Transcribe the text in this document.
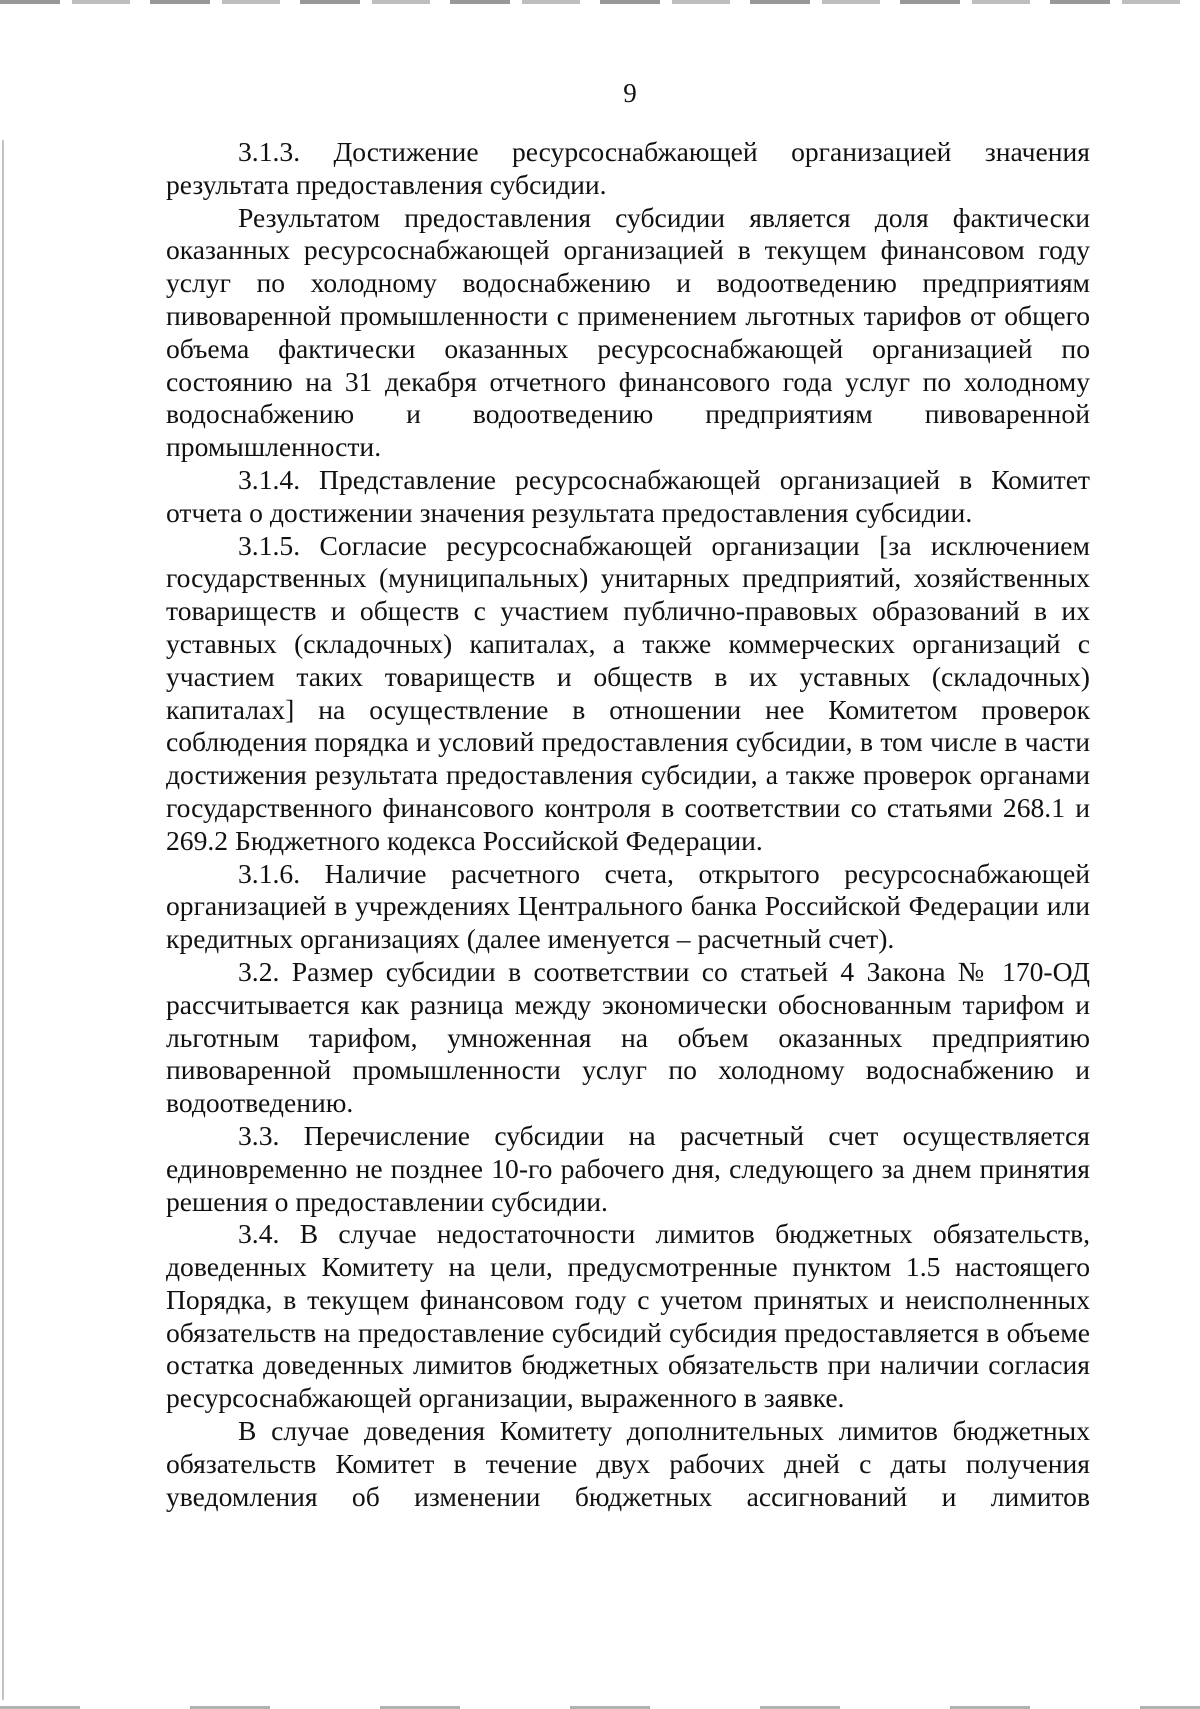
9

3.1.3. Достижение ресурсоснабжающей организацией значения результата предоставления субсидии.

Результатом предоставления субсидии является доля фактически оказанных ресурсоснабжающей организацией в текущем финансовом году услуг по холодному водоснабжению и водоотведению предприятиям пивоваренной промышленности с применением льготных тарифов от общего объема фактически оказанных ресурсоснабжающей организацией по состоянию на 31 декабря отчетного финансового года услуг по холодному водоснабжению и водоотведению предприятиям пивоваренной промышленности.

3.1.4. Представление ресурсоснабжающей организацией в Комитет отчета о достижении значения результата предоставления субсидии.

3.1.5. Согласие ресурсоснабжающей организации [за исключением государственных (муниципальных) унитарных предприятий, хозяйственных товариществ и обществ с участием публично-правовых образований в их уставных (складочных) капиталах, а также коммерческих организаций с участием таких товариществ и обществ в их уставных (складочных) капиталах] на осуществление в отношении нее Комитетом проверок соблюдения порядка и условий предоставления субсидии, в том числе в части достижения результата предоставления субсидии, а также проверок органами государственного финансового контроля в соответствии со статьями 268.1 и 269.2 Бюджетного кодекса Российской Федерации.

3.1.6. Наличие расчетного счета, открытого ресурсоснабжающей организацией в учреждениях Центрального банка Российской Федерации или кредитных организациях (далее именуется – расчетный счет).

3.2. Размер субсидии в соответствии со статьей 4 Закона № 170-ОД рассчитывается как разница между экономически обоснованным тарифом и льготным тарифом, умноженная на объем оказанных предприятию пивоваренной промышленности услуг по холодному водоснабжению и водоотведению.

3.3. Перечисление субсидии на расчетный счет осуществляется единовременно не позднее 10-го рабочего дня, следующего за днем принятия решения о предоставлении субсидии.

3.4. В случае недостаточности лимитов бюджетных обязательств, доведенных Комитету на цели, предусмотренные пунктом 1.5 настоящего Порядка, в текущем финансовом году с учетом принятых и неисполненных обязательств на предоставление субсидий субсидия предоставляется в объеме остатка доведенных лимитов бюджетных обязательств при наличии согласия ресурсоснабжающей организации, выраженного в заявке.

В случае доведения Комитету дополнительных лимитов бюджетных обязательств Комитет в течение двух рабочих дней с даты получения уведомления об изменении бюджетных ассигнований и лимитов
